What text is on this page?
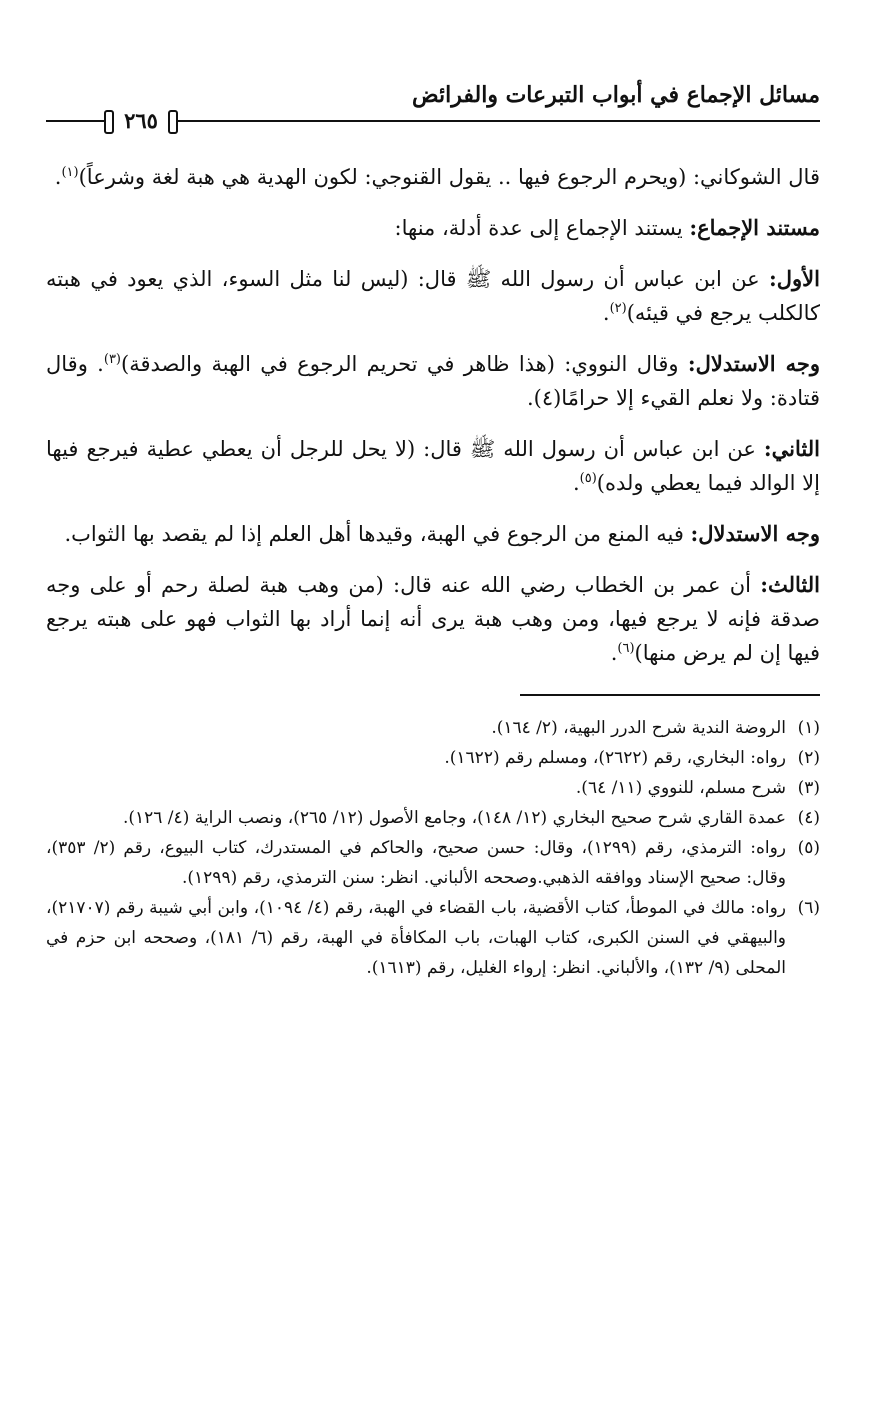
مسائل الإجماع في أبواب التبرعات والفرائض
٢٦٥

قال الشوكاني: (ويحرم الرجوع فيها .. يقول القنوجي: لكون الهدية هي هبة لغة وشرعاً)$^{(١)}$.

مستند الإجماع: يستند الإجماع إلى عدة أدلة، منها:

الأول: عن ابن عباس أن رسول الله ﷺ قال: (ليس لنا مثل السوء، الذي يعود في هبته كالكلب يرجع في قيئه)$^{(٢)}$.

وجه الاستدلال: وقال النووي: (هذا ظاهر في تحريم الرجوع في الهبة والصدقة)$^{(٣)}$. وقال قتادة: ولا نعلم القيء إلا حرامًا(٤).

الثاني: عن ابن عباس أن رسول الله ﷺ قال: (لا يحل للرجل أن يعطي عطية فيرجع فيها إلا الوالد فيما يعطي ولده)$^{(٥)}$.

وجه الاستدلال: فيه المنع من الرجوع في الهبة، وقيدها أهل العلم إذا لم يقصد بها الثواب.

الثالث: أن عمر بن الخطاب رضي الله عنه قال: (من وهب هبة لصلة رحم أو على وجه صدقة فإنه لا يرجع فيها، ومن وهب هبة يرى أنه إنما أراد بها الثواب فهو على هبته يرجع فيها إن لم يرض منها)$^{(٦)}$.

(١)
الروضة الندية شرح الدرر البهية، (٢/ ١٦٤).

(٢)
رواه: البخاري، رقم (٢٦٢٢)، ومسلم رقم (١٦٢٢).

(٣)
شرح مسلم، للنووي (١١/ ٦٤).

(٤)
عمدة القاري شرح صحيح البخاري (١٢/ ١٤٨)، وجامع الأصول (١٢/ ٢٦٥)، ونصب الراية (٤/ ١٢٦).

(٥)
رواه: الترمذي، رقم (١٢٩٩)، وقال: حسن صحيح، والحاكم في المستدرك، كتاب البيوع، رقم (٢/ ٣٥٣)، وقال: صحيح الإسناد ووافقه الذهبي.وصححه الألباني. انظر: سنن الترمذي، رقم (١٢٩٩).

(٦)
رواه: مالك في الموطأ، كتاب الأقضية، باب القضاء في الهبة، رقم (٤/ ١٠٩٤)، وابن أبي شيبة رقم (٢١٧٠٧)، والبيهقي في السنن الكبرى، كتاب الهبات، باب المكافأة في الهبة، رقم (٦/ ١٨١)، وصححه ابن حزم في المحلى (٩/ ١٣٢)، والألباني. انظر: إرواء الغليل، رقم (١٦١٣).
